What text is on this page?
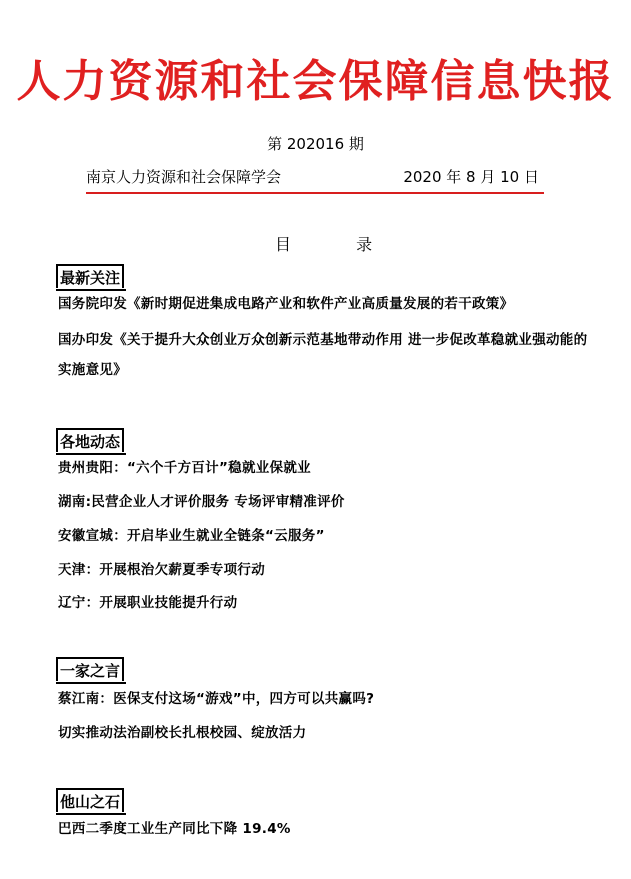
人力资源和社会保障信息快报
第 202016 期
南京人力资源和社会保障学会	2020 年 8 月 10 日
目 录
最新关注
国务院印发《新时期促进集成电路产业和软件产业高质量发展的若干政策》
国办印发《关于提升大众创业万众创新示范基地带动作用 进一步促改革稳就业强动能的实施意见》
各地动态
贵州贵阳：“六个千方百计”稳就业保就业
湖南:民营企业人才评价服务 专场评审精准评价
安徽宣城：开启毕业生就业全链条“云服务”
天津：开展根治欠薪夏季专项行动
辽宁：开展职业技能提升行动
一家之言
蔡江南：医保支付这场“游戏”中，四方可以共赢吗?
切实推动法治副校长扎根校园、绽放活力
他山之石
巴西二季度工业生产同比下降 19.4%
